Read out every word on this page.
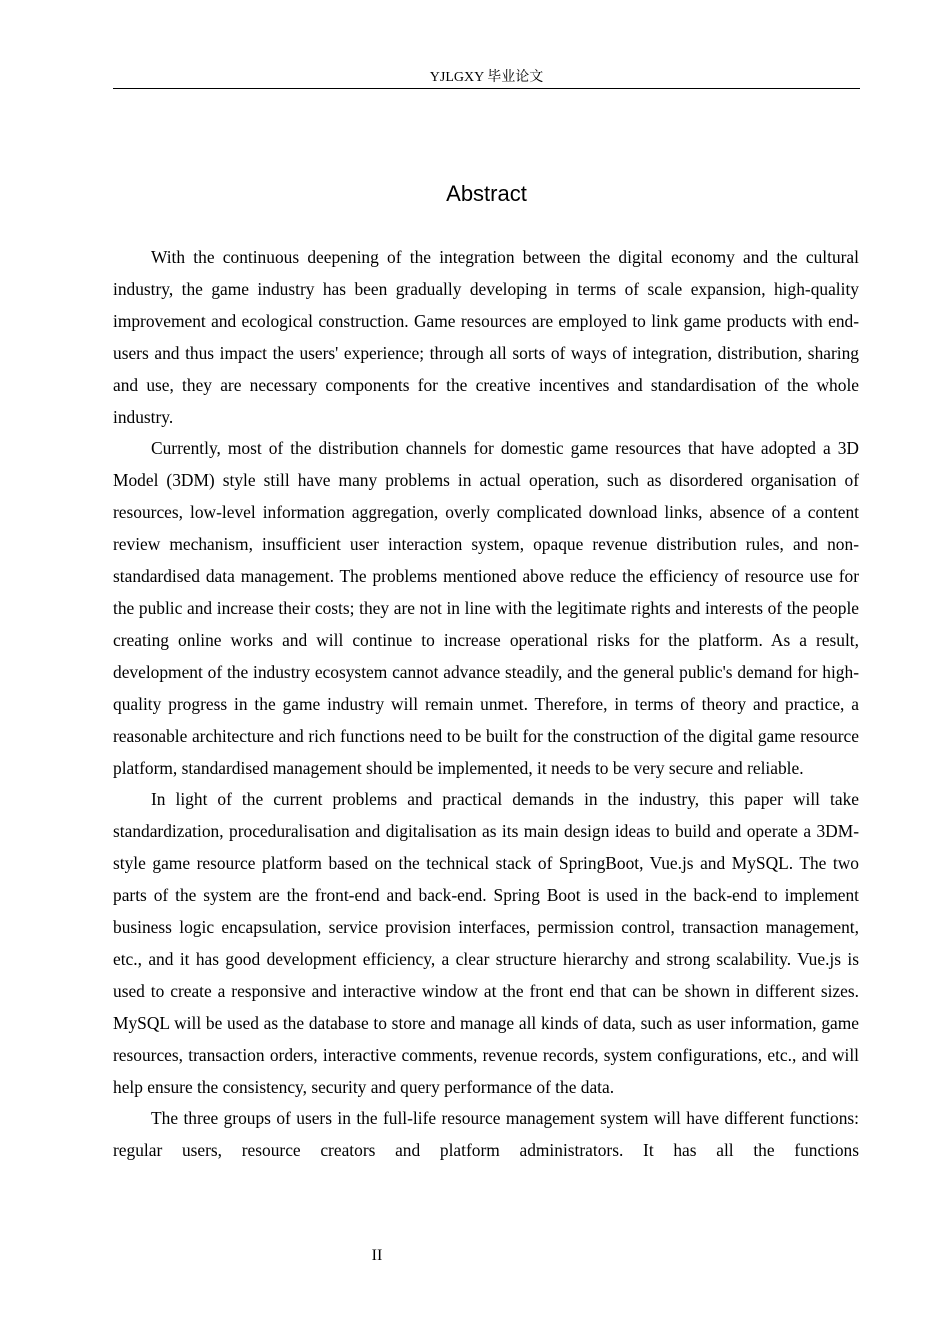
YJLGXY 毕业论文
Abstract

With the continuous deepening of the integration between the digital economy and the cultural industry, the game industry has been gradually developing in terms of scale expansion, high-quality improvement and ecological construction. Game resources are employed to link game products with end-users and thus impact the users' experience; through all sorts of ways of integration, distribution, sharing and use, they are necessary components for the creative incentives and standardisation of the whole industry.

Currently, most of the distribution channels for domestic game resources that have adopted a 3D Model (3DM) style still have many problems in actual operation, such as disordered organisation of resources, low-level information aggregation, overly complicated download links, absence of a content review mechanism, insufficient user interaction system, opaque revenue distribution rules, and non-standardised data management. The problems mentioned above reduce the efficiency of resource use for the public and increase their costs; they are not in line with the legitimate rights and interests of the people creating online works and will continue to increase operational risks for the platform. As a result, development of the industry ecosystem cannot advance steadily, and the general public's demand for high-quality progress in the game industry will remain unmet. Therefore, in terms of theory and practice, a reasonable architecture and rich functions need to be built for the construction of the digital game resource platform, standardised management should be implemented, it needs to be very secure and reliable.

In light of the current problems and practical demands in the industry, this paper will take standardization, proceduralisation and digitalisation as its main design ideas to build and operate a 3DM-style game resource platform based on the technical stack of SpringBoot, Vue.js and MySQL. The two parts of the system are the front-end and back-end. Spring Boot is used in the back-end to implement business logic encapsulation, service provision interfaces, permission control, transaction management, etc., and it has good development efficiency, a clear structure hierarchy and strong scalability. Vue.js is used to create a responsive and interactive window at the front end that can be shown in different sizes. MySQL will be used as the database to store and manage all kinds of data, such as user information, game resources, transaction orders, interactive comments, revenue records, system configurations, etc., and will help ensure the consistency, security and query performance of the data.

The three groups of users in the full-life resource management system will have different functions: regular users, resource creators and platform administrators. It has all the functions

II
